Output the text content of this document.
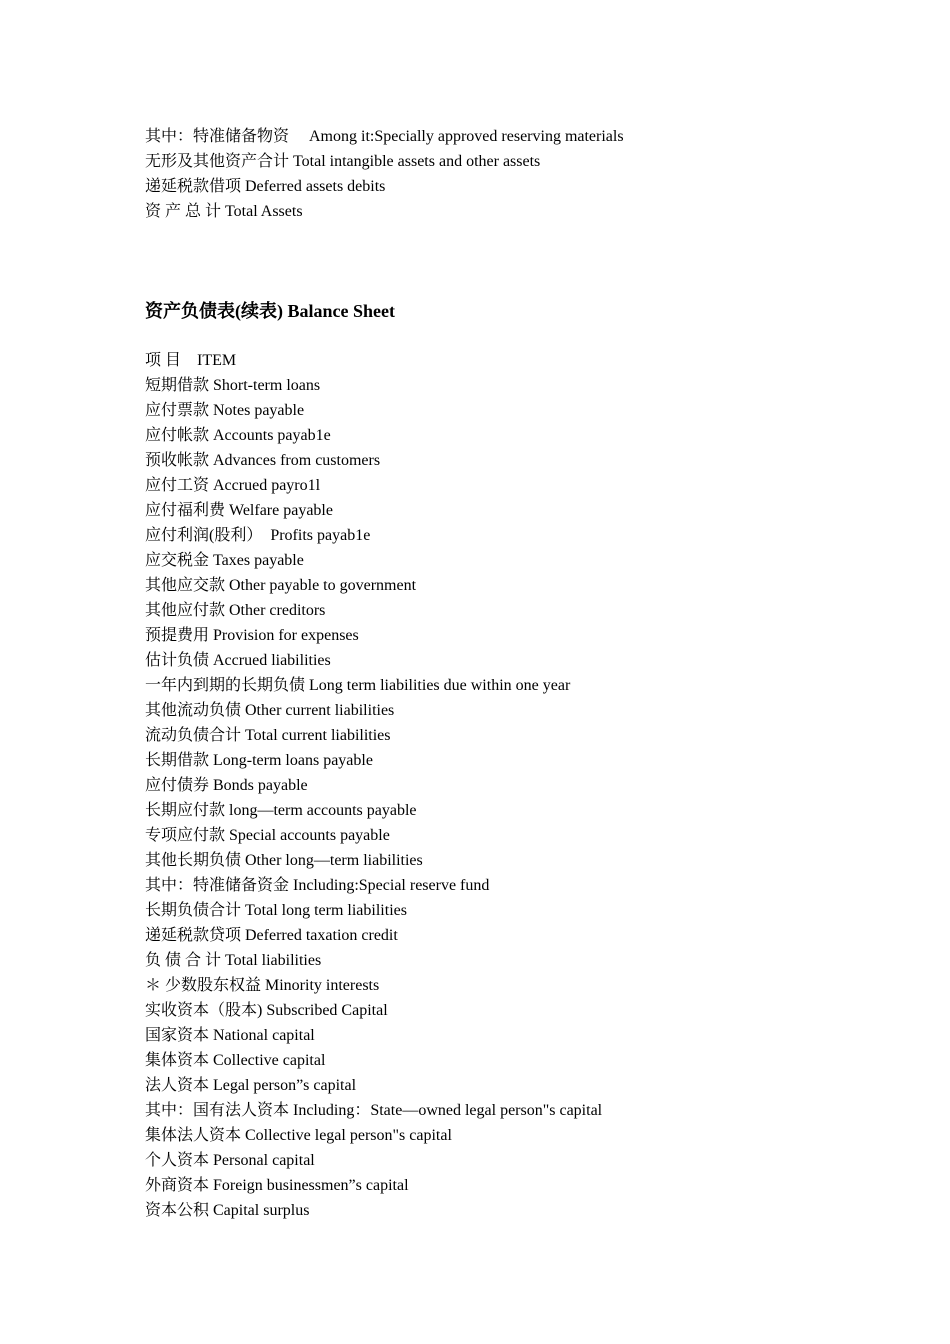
其中：特准储备物资　 Among it:Specially approved reserving materials
无形及其他资产合计 Total intangible assets and other assets
递延税款借项 Deferred assets debits
资 产 总 计 Total Assets
资产负债表(续表) Balance Sheet
项 目　ITEM
短期借款 Short-term loans
应付票款 Notes payable
应付帐款 Accounts payab1e
预收帐款 Advances from customers
应付工资 Accrued payro1l
应付福利费 Welfare payable
应付利润(股利）　Profits payab1e
应交税金 Taxes payable
其他应交款 Other payable to government
其他应付款 Other creditors
预提费用 Provision for expenses
估计负债 Accrued liabilities
一年内到期的长期负债 Long term liabilities due within one year
其他流动负债 Other current liabilities
流动负债合计 Total current liabilities
长期借款 Long-term loans payable
应付债券 Bonds payable
长期应付款 long—term accounts payable
专项应付款 Special accounts payable
其他长期负债 Other long—term liabilities
其中：特准储备资金 Including:Special reserve fund
长期负债合计 Total long term liabilities
递延税款贷项 Deferred taxation credit
负 债 合 计 Total liabilities
＊ 少数股东权益 Minority interests
实收资本（股本) Subscribed Capital
国家资本 National capital
集体资本 Collective capital
法人资本 Legal person”s capital
其中：国有法人资本 Including：State—owned legal person"s capital
集体法人资本 Collective legal person"s capital
个人资本 Personal capital
外商资本 Foreign businessmen”s capital
资本公积 Capital surplus
